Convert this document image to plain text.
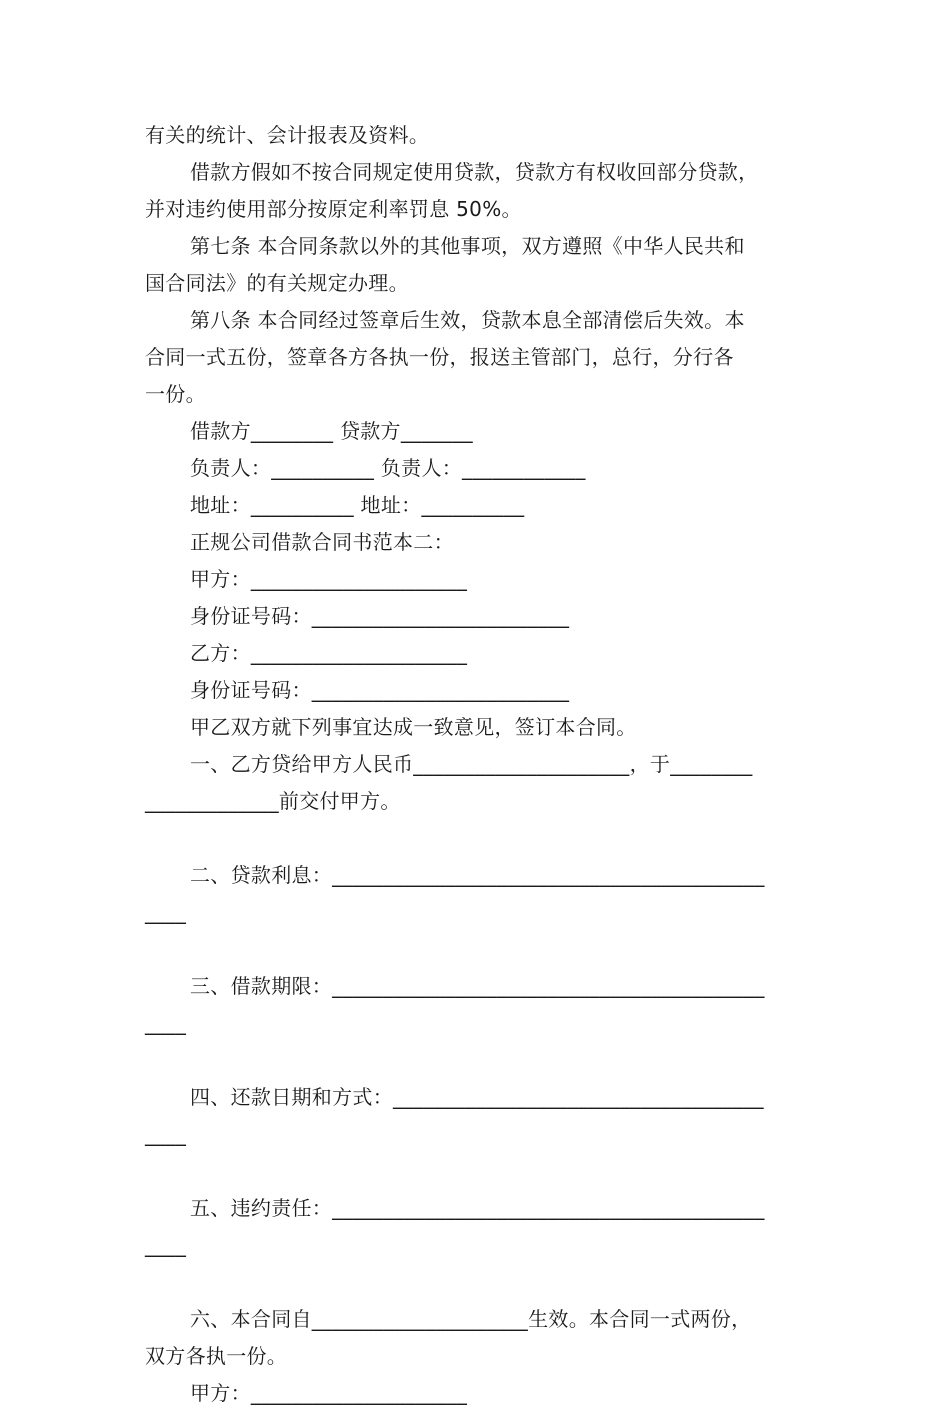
有关的统计、会计报表及资料。
借款方假如不按合同规定使用贷款，贷款方有权收回部分贷款，
并对违约使用部分按原定利率罚息 50%。
第七条 本合同条款以外的其他事项，双方遵照《中华人民共和
国合同法》的有关规定办理。
第八条 本合同经过签章后生效，贷款本息全部清偿后失效。本
合同一式五份，签章各方各执一份，报送主管部门，总行，分行各
一份。
借款方________ 贷款方_______
负责人：__________ 负责人：____________
地址：__________ 地址：__________
正规公司借款合同书范本二：
甲方：_____________________
身份证号码：_________________________
乙方：_____________________
身份证号码：_________________________
甲乙双方就下列事宜达成一致意见，签订本合同。
一、乙方贷给甲方人民币_____________________，于________
_____________前交付甲方。
二、贷款利息：__________________________________________
____
三、借款期限：__________________________________________
____
四、还款日期和方式：____________________________________
____
五、违约责任：__________________________________________
____
六、本合同自_____________________生效。本合同一式两份，
双方各执一份。
甲方：_____________________
